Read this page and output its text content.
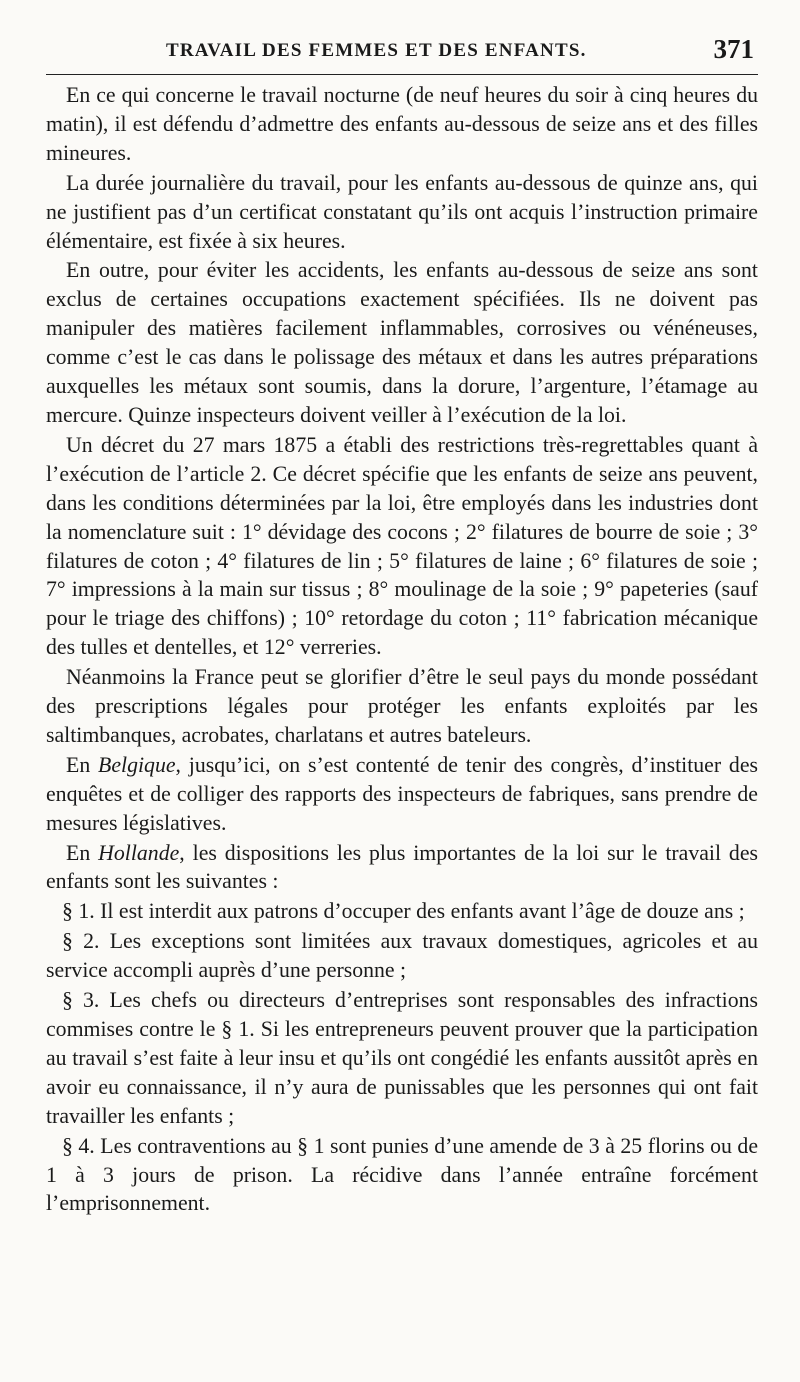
TRAVAIL DES FEMMES ET DES ENFANTS.	371

En ce qui concerne le travail nocturne (de neuf heures du soir à cinq heures du matin), il est défendu d’admettre des enfants au-dessous de seize ans et des filles mineures.

La durée journalière du travail, pour les enfants au-dessous de quinze ans, qui ne justifient pas d’un certificat constatant qu’ils ont acquis l’instruction primaire élémentaire, est fixée à six heures.

En outre, pour éviter les accidents, les enfants au-dessous de seize ans sont exclus de certaines occupations exactement spécifiées. Ils ne doivent pas manipuler des matières facilement inflammables, corrosives ou vénéneuses, comme c’est le cas dans le polissage des métaux et dans les autres préparations auxquelles les métaux sont soumis, dans la dorure, l’argenture, l’étamage au mercure. Quinze inspecteurs doivent veiller à l’exécution de la loi.

Un décret du 27 mars 1875 a établi des restrictions très-regrettables quant à l’exécution de l’article 2. Ce décret spécifie que les enfants de seize ans peuvent, dans les conditions déterminées par la loi, être employés dans les industries dont la nomenclature suit : 1° dévidage des cocons ; 2° filatures de bourre de soie ; 3° filatures de coton ; 4° filatures de lin ; 5° filatures de laine ; 6° filatures de soie ; 7° impressions à la main sur tissus ; 8° moulinage de la soie ; 9° papeteries (sauf pour le triage des chiffons) ; 10° retordage du coton ; 11° fabrication mécanique des tulles et dentelles, et 12° verreries.

Néanmoins la France peut se glorifier d’être le seul pays du monde possédant des prescriptions légales pour protéger les enfants exploités par les saltimbanques, acrobates, charlatans et autres bateleurs.

En Belgique, jusqu’ici, on s’est contenté de tenir des congrès, d’instituer des enquêtes et de colliger des rapports des inspecteurs de fabriques, sans prendre de mesures législatives.

En Hollande, les dispositions les plus importantes de la loi sur le travail des enfants sont les suivantes :

§ 1. Il est interdit aux patrons d’occuper des enfants avant l’âge de douze ans ;

§ 2. Les exceptions sont limitées aux travaux domestiques, agricoles et au service accompli auprès d’une personne ;

§ 3. Les chefs ou directeurs d’entreprises sont responsables des infractions commises contre le § 1. Si les entrepreneurs peuvent prouver que la participation au travail s’est faite à leur insu et qu’ils ont congédié les enfants aussitôt après en avoir eu connaissance, il n’y aura de punissables que les personnes qui ont fait travailler les enfants ;

§ 4. Les contraventions au § 1 sont punies d’une amende de 3 à 25 florins ou de 1 à 3 jours de prison. La récidive dans l’année entraîne forcément l’emprisonnement.
